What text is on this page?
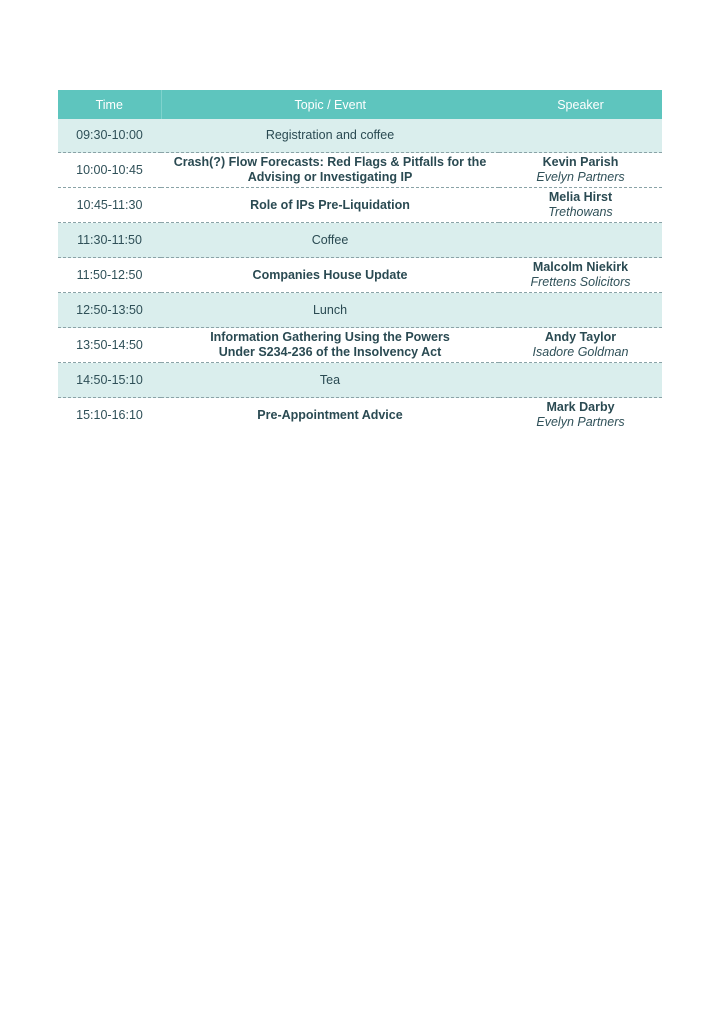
Time	Topic / Event	Speaker
09:30-10:00	Registration and coffee	

10:00-10:45	Crash(?) Flow Forecasts: Red Flags & Pitfalls for the
Advising or Investigating IP	Kevin Parish
Evelyn Partners

10:45-11:30	Role of IPs Pre-Liquidation	Melia Hirst
Trethowans

11:30-11:50	Coffee	

11:50-12:50	Companies House Update	Malcolm Niekirk
Frettens Solicitors

12:50-13:50	Lunch	

13:50-14:50	Information Gathering Using the Powers
Under S234-236 of the Insolvency Act	Andy Taylor
Isadore Goldman

14:50-15:10	Tea	

15:10-16:10	Pre-Appointment Advice	Mark Darby
Evelyn Partners
